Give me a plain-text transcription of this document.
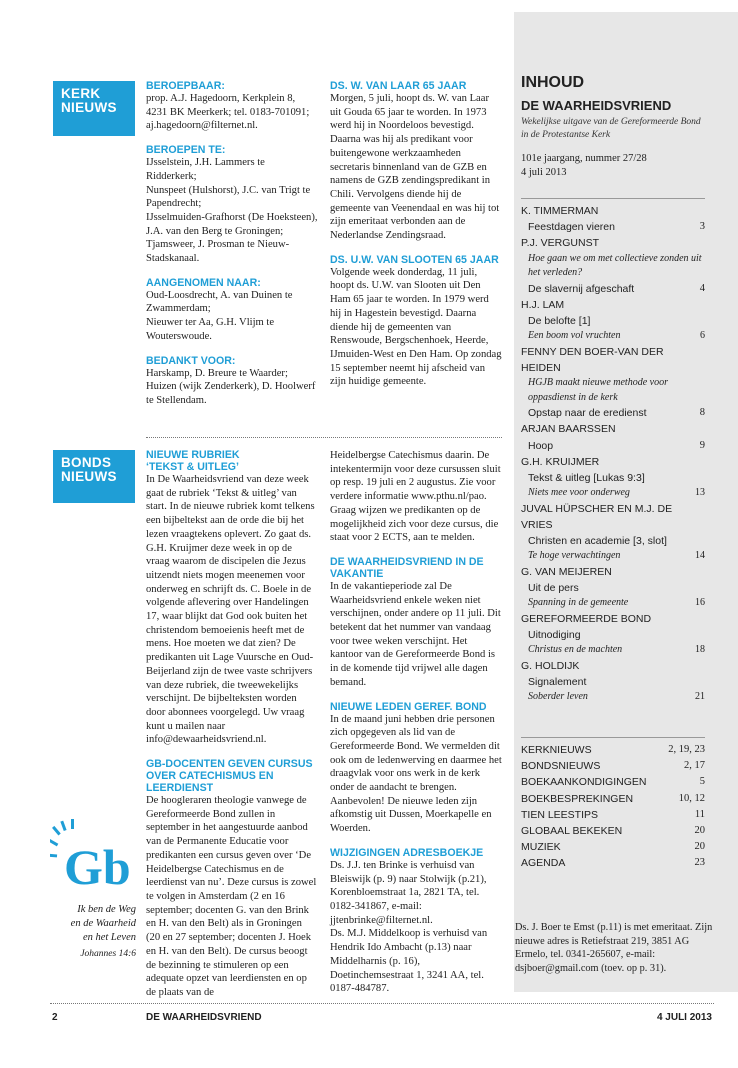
KERK
NIEUWS
BONDS
NIEUWS
BEROEPBAAR:

prop. A.J. Hagedoorn, Kerkplein 8, 4231 BK Meerkerk; tel. 0183-701091; aj.hagedoorn@filternet.nl.

BEROEPEN TE:

IJsselstein, J.H. Lammers te Ridderkerk;
Nunspeet (Hulshorst), J.C. van Trigt te Papendrecht;
IJsselmuiden-Grafhorst (De Hoeksteen), J.A. van den Berg te Groningen;
Tjamsweer, J. Prosman te Nieuw-Stadskanaal.

AANGENOMEN NAAR:

Oud-Loosdrecht, A. van Duinen te Zwammerdam;
Nieuwer ter Aa, G.H. Vlijm te Wouterswoude.

BEDANKT VOOR:

Harskamp, D. Breure te Waarder; Huizen (wijk Zenderkerk), D. Hoolwerf te Stellendam.

DS. W. VAN LAAR 65 JAAR

Morgen, 5 juli, hoopt ds. W. van Laar uit Gouda 65 jaar te worden. In 1973 werd hij in Noordeloos bevestigd. Daarna was hij als predikant voor buitengewone werkzaamheden secretaris binnenland van de GZB en namens de GZB zendingspredikant in Chili. Vervolgens diende hij de gemeente van Veenendaal en was hij tot zijn emeritaat verbonden aan de Nederlandse Zendingsraad.

DS. U.W. VAN SLOOTEN 65 JAAR

Volgende week donderdag, 11 juli, hoopt ds. U.W. van Slooten uit Den Ham 65 jaar te worden. In 1979 werd hij in Hagestein bevestigd. Daarna diende hij de gemeenten van Renswoude, Bergschenhoek, Heerde, IJmuiden-West en Den Ham. Op zondag 15 september neemt hij afscheid van zijn huidige gemeente.

NIEUWE RUBRIEK
‘TEKST & UITLEG’

In De Waarheidsvriend van deze week gaat de rubriek ‘Tekst & uitleg’ van start. In de nieuwe rubriek komt telkens een bijbeltekst aan de orde die bij het lezen vraagtekens oplevert. Zo gaat ds. G.H. Kruijmer deze week in op de vraag waarom de discipelen die Jezus uitzendt niets mogen meenemen voor onderweg en schrijft ds. C. Boele in de volgende aflevering over Handelingen 17, waar blijkt dat God ook buiten het christendom bemoeienis heeft met de mens. Hoe moeten we dat zien? De predikanten uit Lage Vuursche en Oud-Beijerland zijn de twee vaste schrijvers van deze rubriek, die tweewekelijks verschijnt. De bijbelteksten worden door abonnees voorgelegd. Uw vraag kunt u mailen naar info@dewaarheidsvriend.nl.

GB-DOCENTEN GEVEN CURSUS
OVER CATECHISMUS EN
LEERDIENST

De hoogleraren theologie vanwege de Gereformeerde Bond zullen in september in het aangestuurde aanbod van de Permanente Educatie voor predikanten een cursus geven over ‘De Heidelbergse Catechismus en de leerdienst van nu’. Deze cursus is zowel te volgen in Amsterdam (2 en 16 september; docenten G. van den Brink en H. van den Belt) als in Groningen (20 en 27 september; docenten J. Hoek en H. van den Belt). De cursus beoogt de bezinning te stimuleren op een adequate opzet van leerdiensten en op de plaats van de

Heidelbergse Catechismus daarin. De intekentermijn voor deze cursussen sluit op resp. 19 juli en 2 augustus. Zie voor verdere informatie www.pthu.nl/pao. Graag wijzen we predikanten op de mogelijkheid zich voor deze cursus, die staat voor 2 ECTS, aan te melden.

DE WAARHEIDSVRIEND IN DE
VAKANTIE

In de vakantieperiode zal De Waarheidsvriend enkele weken niet verschijnen, onder andere op 11 juli. Dit betekent dat het nummer van vandaag voor twee weken verschijnt. Het kantoor van de Gereformeerde Bond is in de komende tijd vrijwel alle dagen bemand.

NIEUWE LEDEN GEREF. BOND

In de maand juni hebben drie personen zich opgegeven als lid van de Gereformeerde Bond. We vermelden dit ook om de ledenwerving en daarmee het draagvlak voor ons werk in de kerk onder de aandacht te brengen. Aanbevolen! De nieuwe leden zijn afkomstig uit Dussen, Moerkapelle en Woerden.

WIJZIGINGEN ADRESBOEKJE

Ds. J.J. ten Brinke is verhuisd van Bleiswijk (p. 9) naar Stolwijk (p.21), Korenbloemstraat 1a, 2821 TA, tel. 0182-341867, e-mail: jjtenbrinke@filternet.nl.
Ds. M.J. Middelkoop is verhuisd van Hendrik Ido Ambacht (p.13) naar Middelharnis (p. 16), Doetinchemsestraat 1, 3241 AA, tel. 0187-484787.

Gb
Ik ben de Weg
en de Waarheid
en het Leven
Johannes 14:6
INHOUD
DE WAARHEIDSVRIEND
Wekelijkse uitgave van de Gereformeerde Bond in de Protestantse Kerk
101e jaargang, nummer 27/28
4 juli 2013
K. TIMMERMAN
Feestdagen vieren	3
P.J. VERGUNST
Hoe gaan we om met collectieve zonden uit het verleden?
De slavernij afgeschaft	4
H.J. LAM
De belofte [1]
Een boom vol vruchten	6
FENNY DEN BOER-VAN DER HEIDEN
HGJB maakt nieuwe methode voor oppasdienst in de kerk
Opstap naar de eredienst	8
ARJAN BAARSSEN
Hoop	9
G.H. KRUIJMER
Tekst & uitleg [Lukas 9:3]
Niets mee voor onderweg	13
JUVAL HÜPSCHER EN M.J. DE VRIES
Christen en academie [3, slot]
Te hoge verwachtingen	14
G. VAN MEIJEREN
Uit de pers
Spanning in de gemeente	16
GEREFORMEERDE BOND
Uitnodiging
Christus en de machten	18
G. HOLDIJK
Signalement
Soberder leven	21
KERKNIEUWS	2, 19, 23
BONDSNIEUWS	2, 17
BOEKAANKONDIGINGEN	5
BOEKBESPREKINGEN	10, 12
TIEN LEESTIPS	11
GLOBAAL BEKEKEN	20
MUZIEK	20
AGENDA	23
Ds. J. Boer te Emst (p.11) is met emeritaat. Zijn nieuwe adres is Retiefstraat 219, 3851 AG Ermelo, tel. 0341-265607, e-mail: dsjboer@gmail.com (toev. op p. 31).
2	DE WAARHEIDSVRIEND	4 JULI 2013
